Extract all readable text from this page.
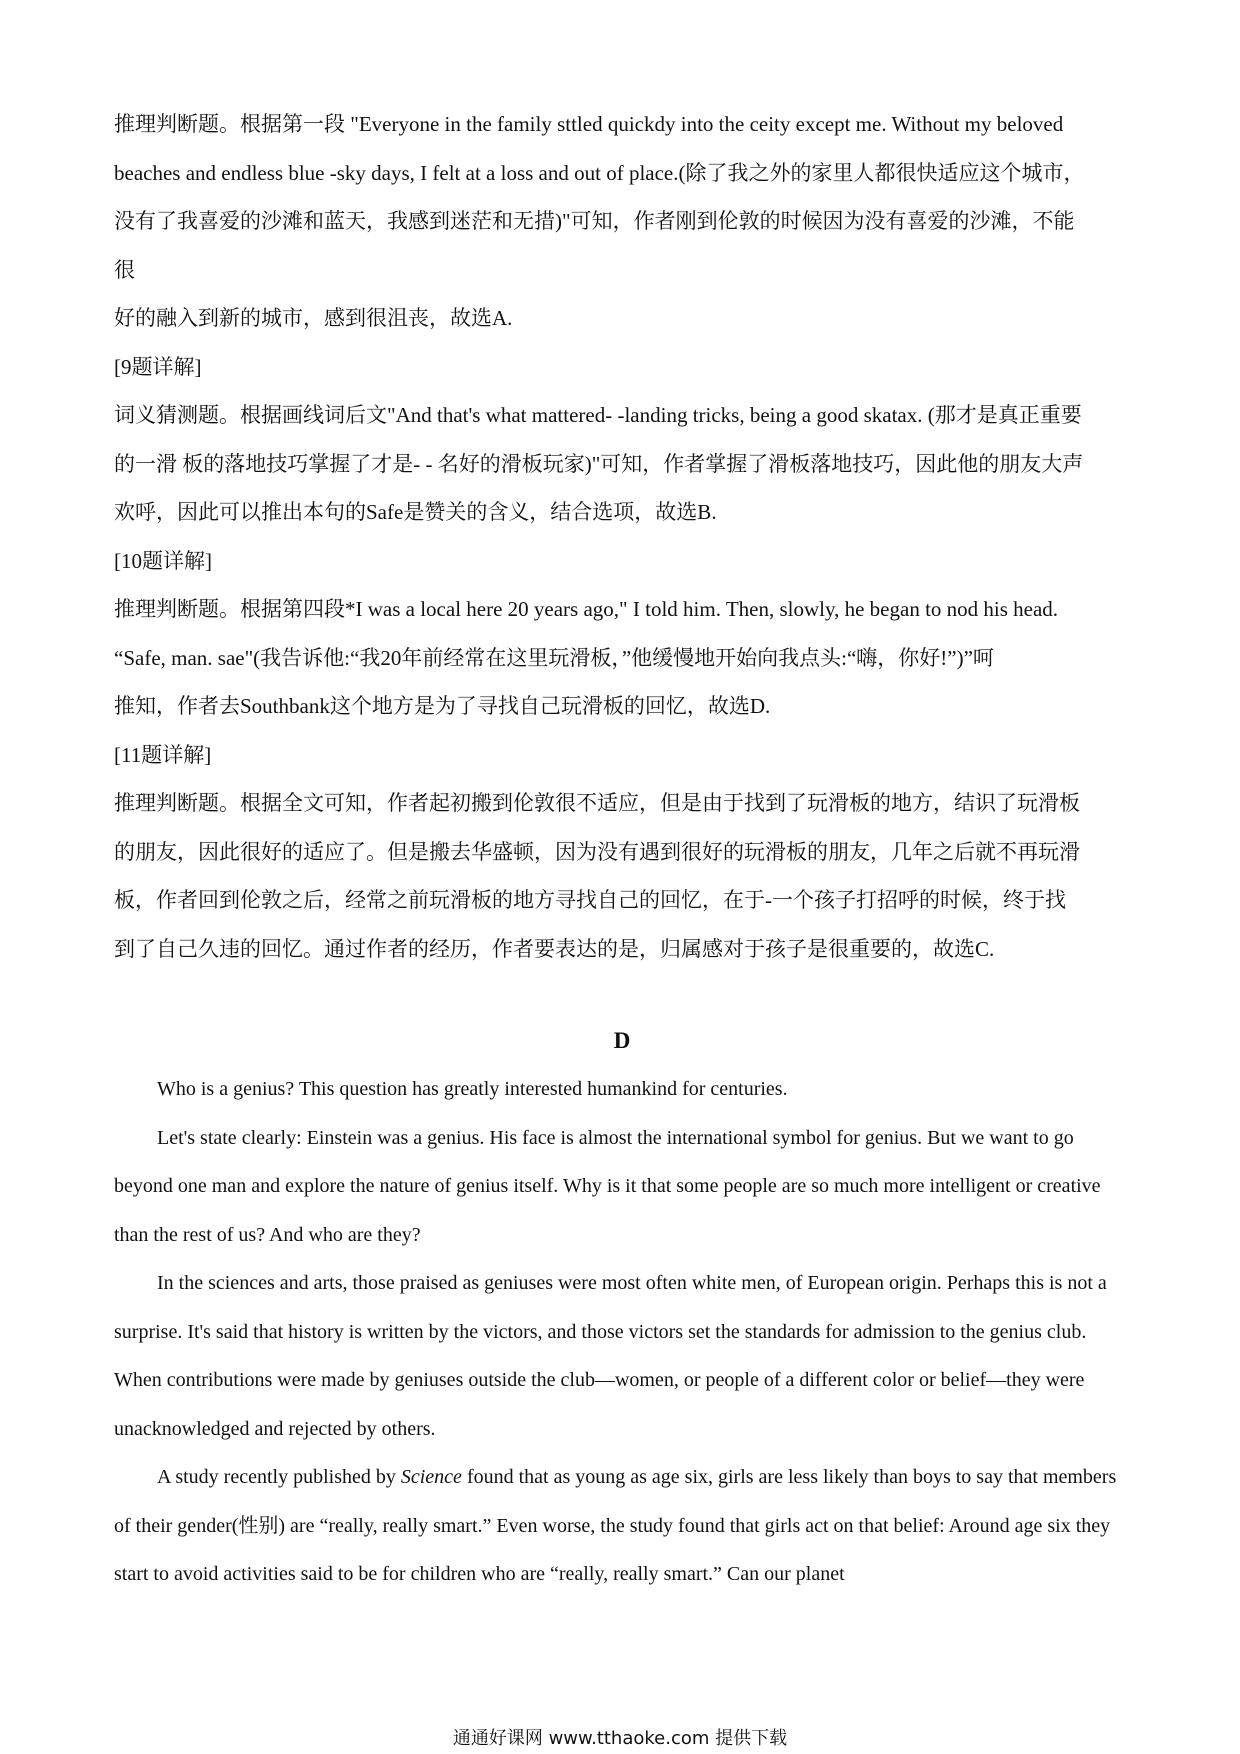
推理判断题。根据第一段 "Everyone in the family sttled quickdy into the ceity except me. Without my beloved

beaches and endless blue -sky days, I felt at a loss and out of place.(除了我之外的家里人都很快适应这个城市，

没有了我喜爱的沙滩和蓝天，我感到迷茫和无措)"可知，作者刚到伦敦的时候因为没有喜爱的沙滩，不能

很

好的融入到新的城市，感到很沮丧，故选A.

[9题详解]

词义猜测题。根据画线词后文"And that's what mattered- -landing tricks, being a good skatax. (那才是真正重要

的一滑 板的落地技巧掌握了才是- - 名好的滑板玩家)"可知，作者掌握了滑板落地技巧，因此他的朋友大声

欢呼，因此可以推出本句的Safe是赞关的含义，结合选项，故选B.

[10题详解]

推理判断题。根据第四段*I was a local here 20 years ago," I told him. Then, slowly, he began to nod his head.

“Safe, man. sae"(我告诉他:“我20年前经常在这里玩滑板，”他缓慢地开始向我点头:“嗨，你好!”)”呵

推知，作者去Southbank这个地方是为了寻找自己玩滑板的回忆，故选D.

[11题详解]

推理判断题。根据全文可知，作者起初搬到伦敦很不适应，但是由于找到了玩滑板的地方，结识了玩滑板

的朋友，因此很好的适应了。但是搬去华盛顿，因为没有遇到很好的玩滑板的朋友，几年之后就不再玩滑

板，作者回到伦敦之后，经常之前玩滑板的地方寻找自己的回忆，在于-一个孩子打招呼的时候，终于找

到了自己久违的回忆。通过作者的经历，作者要表达的是，归属感对于孩子是很重要的，故选C.

D

Who is a genius? This question has greatly interested humankind for centuries.

Let's state clearly: Einstein was a genius. His face is almost the international symbol for genius. But we want to go beyond one man and explore the nature of genius itself. Why is it that some people are so much more intelligent or creative than the rest of us? And who are they?

In the sciences and arts, those praised as geniuses were most often white men, of European origin. Perhaps this is not a surprise. It's said that history is written by the victors, and those victors set the standards for admission to the genius club. When contributions were made by geniuses outside the club—women, or people of a different color or belief—they were unacknowledged and rejected by others.

A study recently published by Science found that as young as age six, girls are less likely than boys to say that members of their gender(性别) are “really, really smart.” Even worse, the study found that girls act on that belief: Around age six they start to avoid activities said to be for children who are “really, really smart.” Can our planet

通通好课网 www.tthaoke.com 提供下载
